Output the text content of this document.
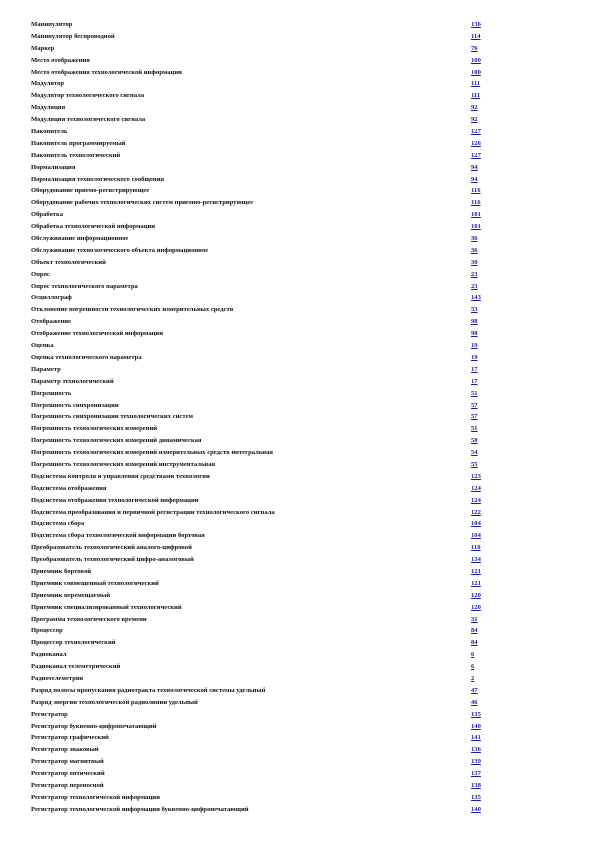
Манипулятор	136
Манипулятор беспроводной	114
Маркер	76
Место отображения	100
Место отображения технологической информации	100
Модулятор	111
Модулятор технологического сигнала	111
Модуляция	92
Модуляция технологического сигнала	92
Накопитель	127
Накопитель программируемый	126
Накопитель технологический	127
Нормализация	94
Нормализация технологического сообщения	94
Оборудование приемо-регистрирующее	116
Оборудование рабочих технологических систем приемно-регистрирующее	116
Обработка	101
Обработка технологической информации	101
Обслуживание информационное	36
Обслуживание технологического объекта информационное	36
Объект технологический	30
Опрос	23
Опрос технологического параметра	23
Осциллограф	143
Отклонение погрешности технологических измерительных средств	53
Отображение	98
Отображение технологической информации	98
Оценка	19
Оценка технологического параметра	19
Параметр	17
Параметр технологический	17
Погрешность	51
Погрешность синхронизации	57
Погрешность синхронизации технологических систем	57
Погрешность технологических измерений	51
Погрешность технологических измерений динамическая	58
Погрешность технологических измерений измерительных средств интегральная	54
Погрешность технологических измерений инструментальная	55
Подсистема контроля и управления средствами технологии	123
Подсистема отображения	124
Подсистема отображения технологической информации	124
Подсистема преобразования и первичной регистрации технологического сигнала	122
Подсистема сбора	104
Подсистема сбора технологической информации бортовая	104
Преобразователь технологический аналого-цифровой	110
Преобразователь технологический цифро-аналоговый	134
Приемник бортовой	121
Приемник совмещенный технологический	121
Приемник перемещаемый	120
Приемник специализированный технологический	120
Программа технологического времени	31
Процессор	84
Процессор технологический	84
Радиоканал	6
Радиоканал телеметрический	6
Радиотелеметрия	2
Разряд полосы пропускания радиотракта технологической системы удельный	47
Разряд энергии технологической радиолинии удельный	46
Регистратор	135
Регистратор буквенно-цифропечатающий	140
Регистратор графический	141
Регистратор знаковый	136
Регистратор магнитный	139
Регистратор оптический	137
Регистратор переносной	138
Регистратор технологической информации	135
Регистратор технологической информации буквенно-цифропечатающий	140
